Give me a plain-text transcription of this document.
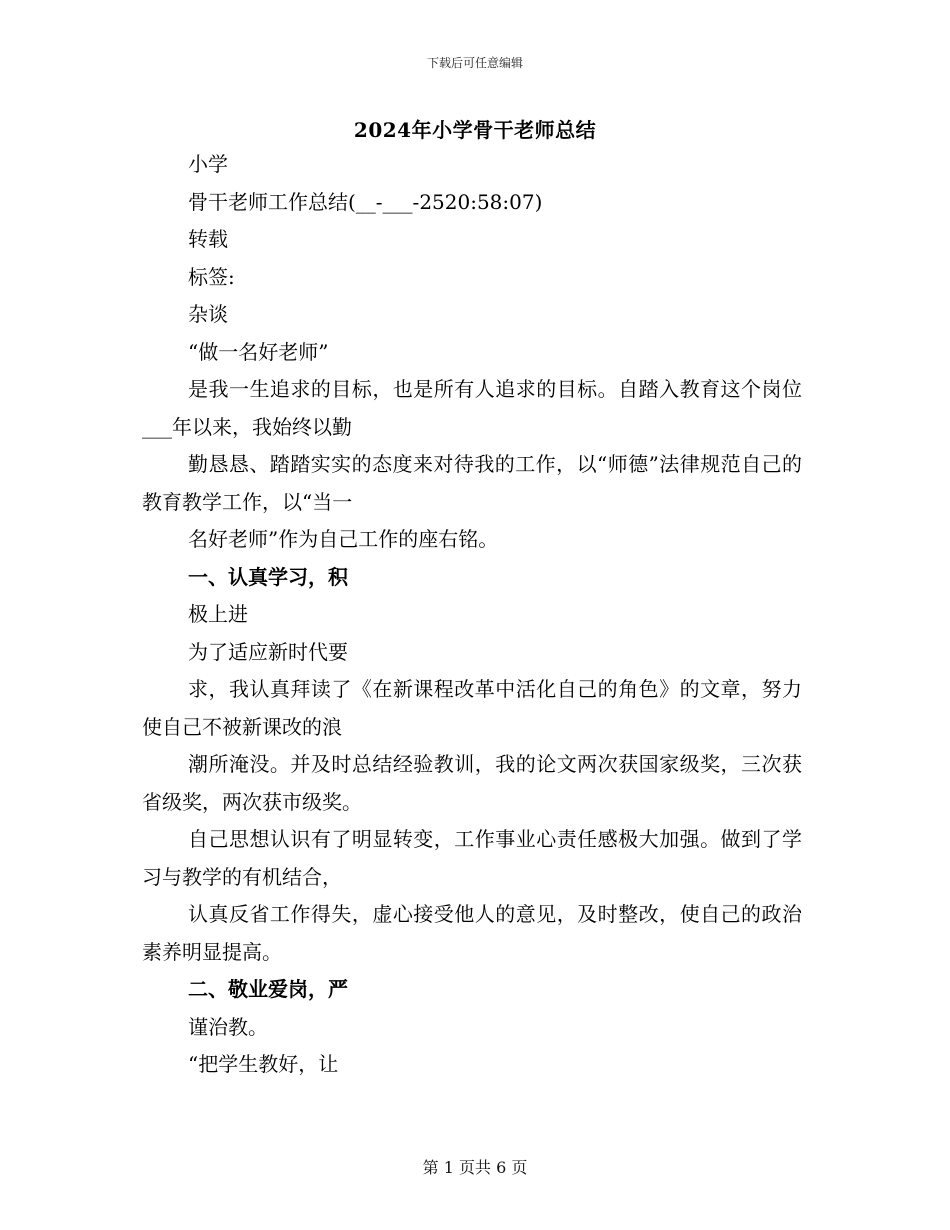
下载后可任意编辑
2024年小学骨干老师总结

小学

骨干老师工作总结(__-___-2520:58:07)

转载

标签:

杂谈

“做一名好老师”

是我一生追求的目标，也是所有人追求的目标。自踏入教育这个岗位___年以来，我始终以勤

勤恳恳、踏踏实实的态度来对待我的工作，以“师德”法律规范自己的教育教学工作，以“当一

名好老师”作为自己工作的座右铭。

一、认真学习，积

极上进

为了适应新时代要

求，我认真拜读了《在新课程改革中活化自己的角色》的文章，努力使自己不被新课改的浪

潮所淹没。并及时总结经验教训，我的论文两次获国家级奖，三次获省级奖，两次获市级奖。

自己思想认识有了明显转变，工作事业心责任感极大加强。做到了学习与教学的有机结合，

认真反省工作得失，虚心接受他人的意见，及时整改，使自己的政治素养明显提高。

二、敬业爱岗，严

谨治教。

“把学生教好，让

第 1 页共 6 页
